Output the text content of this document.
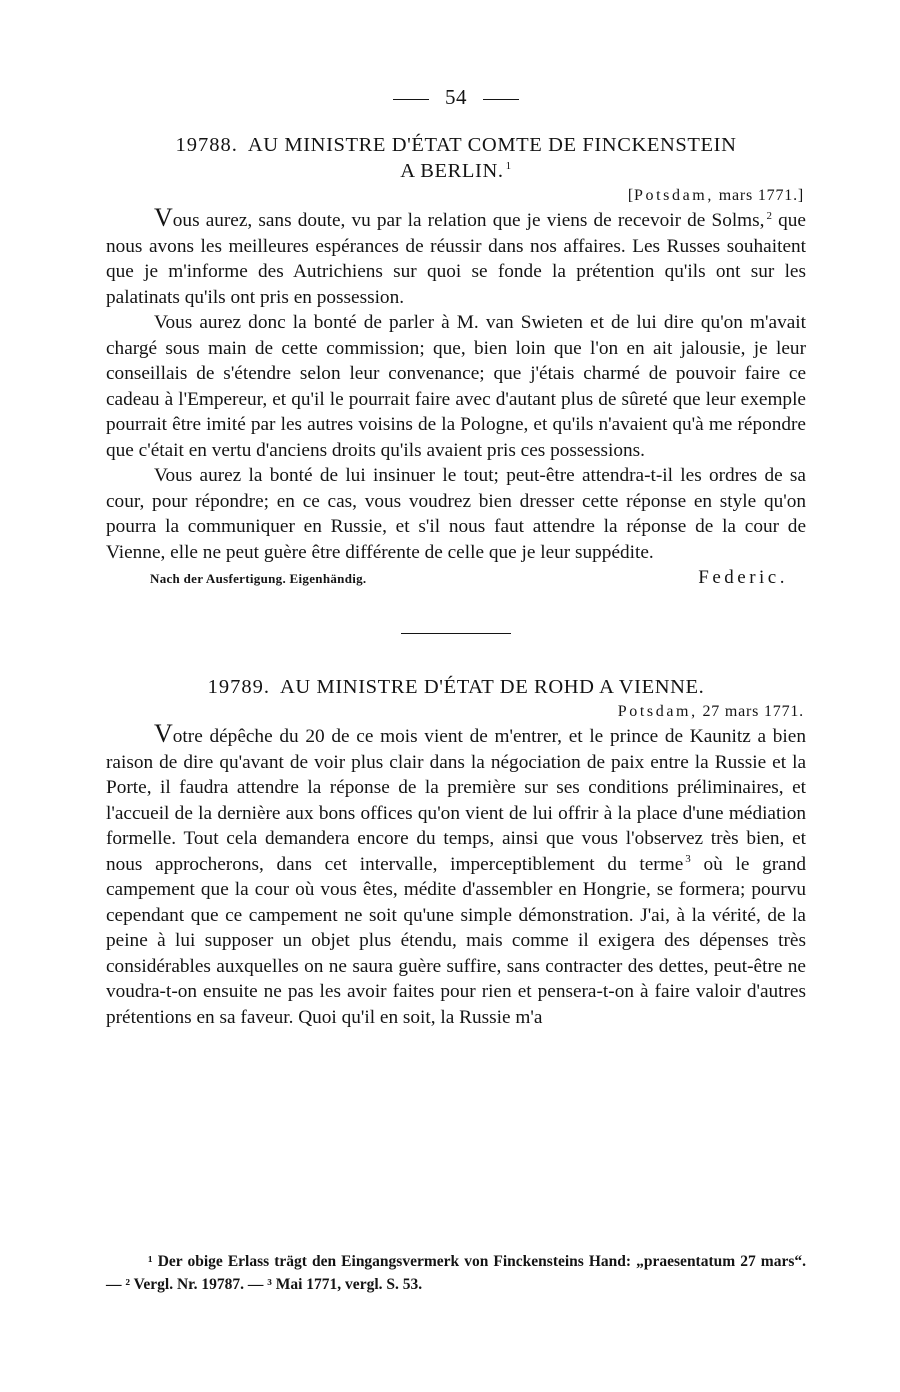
54
19788. AU MINISTRE D'ÉTAT COMTE DE FINCKENSTEIN
A BERLIN. $^1$
[Potsdam, mars 1771.]

Vous aurez, sans doute, vu par la relation que je viens de recevoir de Solms, $^2$ que nous avons les meilleures espérances de réussir dans nos affaires. Les Russes souhaitent que je m'informe des Autrichiens sur quoi se fonde la prétention qu'ils ont sur les palatinats qu'ils ont pris en possession.

Vous aurez donc la bonté de parler à M. van Swieten et de lui dire qu'on m'avait chargé sous main de cette commission; que, bien loin que l'on en ait jalousie, je leur conseillais de s'étendre selon leur convenance; que j'étais charmé de pouvoir faire ce cadeau à l'Empereur, et qu'il le pourrait faire avec d'autant plus de sûreté que leur exemple pourrait être imité par les autres voisins de la Pologne, et qu'ils n'avaient qu'à me répondre que c'était en vertu d'anciens droits qu'ils avaient pris ces possessions.

Vous aurez la bonté de lui insinuer le tout; peut-être attendra-t-il les ordres de sa cour, pour répondre; en ce cas, vous voudrez bien dresser cette réponse en style qu'on pourra la communiquer en Russie, et s'il nous faut attendre la réponse de la cour de Vienne, elle ne peut guère être différente de celle que je leur suppédite.

Nach der Ausfertigung. Eigenhändig.	Federic.
19789. AU MINISTRE D'ÉTAT DE ROHD A VIENNE.
Potsdam, 27 mars 1771.

Votre dépêche du 20 de ce mois vient de m'entrer, et le prince de Kaunitz a bien raison de dire qu'avant de voir plus clair dans la négociation de paix entre la Russie et la Porte, il faudra attendre la réponse de la première sur ses conditions préliminaires, et l'accueil de la dernière aux bons offices qu'on vient de lui offrir à la place d'une médiation formelle. Tout cela demandera encore du temps, ainsi que vous l'observez très bien, et nous approcherons, dans cet intervalle, imperceptiblement du terme $^3$ où le grand campement que la cour où vous êtes, médite d'assembler en Hongrie, se formera; pourvu cependant que ce campement ne soit qu'une simple démonstration. J'ai, à la vérité, de la peine à lui supposer un objet plus étendu, mais comme il exigera des dépenses très considérables auxquelles on ne saura guère suffire, sans contracter des dettes, peut-être ne voudra-t-on ensuite ne pas les avoir faites pour rien et pensera-t-on à faire valoir d'autres prétentions en sa faveur. Quoi qu'il en soit, la Russie m'a

¹ Der obige Erlass trägt den Eingangsvermerk von Finckensteins Hand: „praesentatum 27 mars“. — ² Vergl. Nr. 19787. — ³ Mai 1771, vergl. S. 53.
